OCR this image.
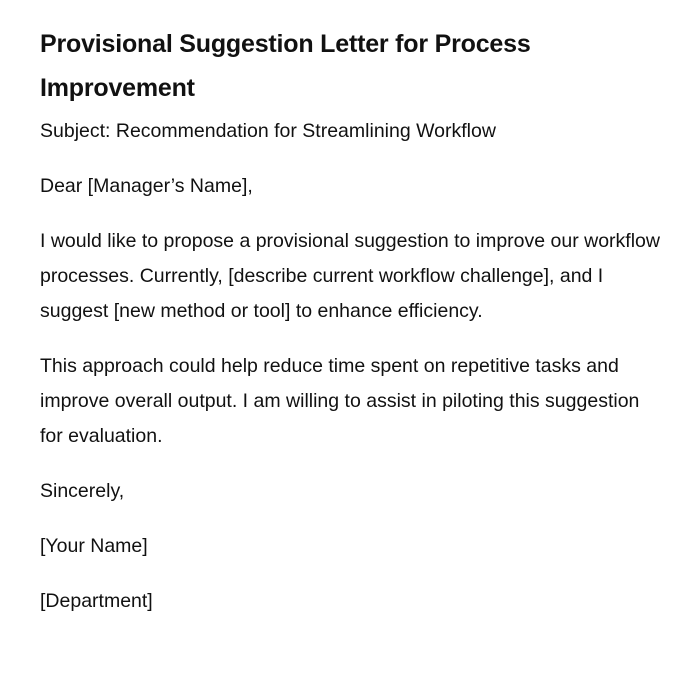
Provisional Suggestion Letter for Process Improvement

Subject: Recommendation for Streamlining Workflow

Dear [Manager’s Name],

I would like to propose a provisional suggestion to improve our workflow processes. Currently, [describe current workflow challenge], and I suggest [new method or tool] to enhance efficiency.

This approach could help reduce time spent on repetitive tasks and improve overall output. I am willing to assist in piloting this suggestion for evaluation.

Sincerely,

[Your Name]

[Department]
